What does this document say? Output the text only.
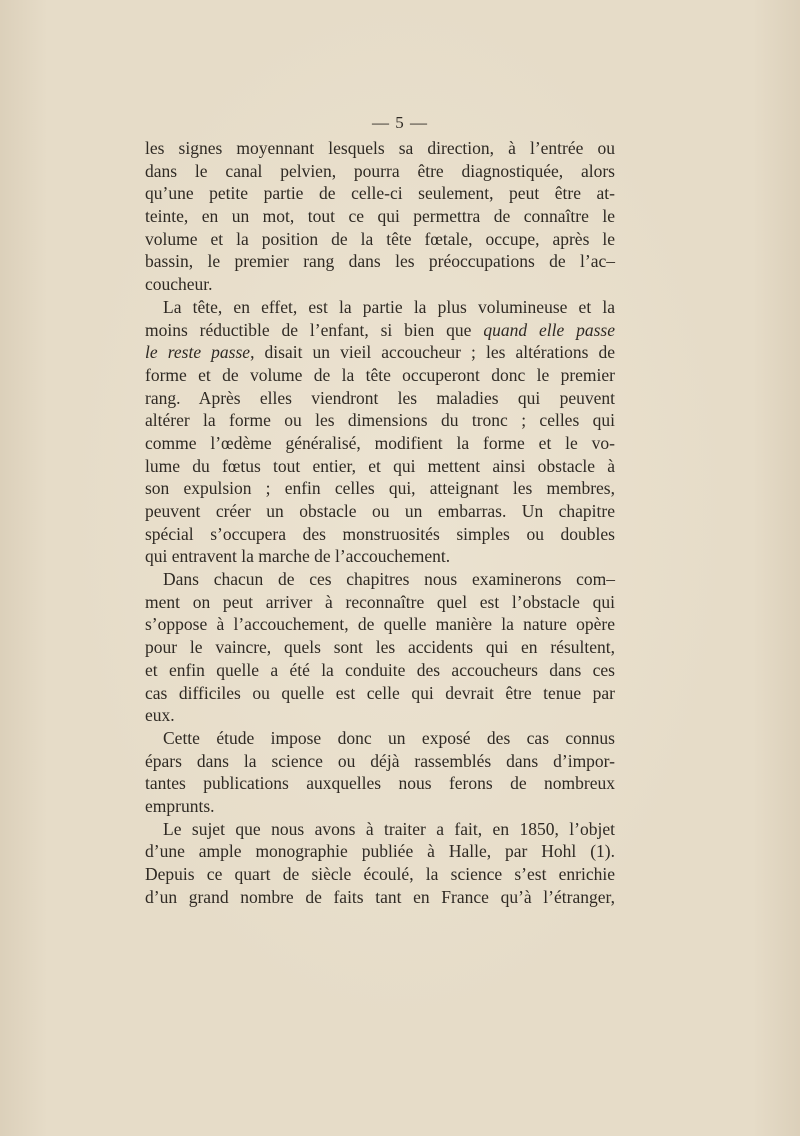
— 5 —
les signes moyennant lesquels sa direction, à l’entrée ou
dans le canal pelvien, pourra être diagnostiquée, alors
qu’une petite partie de celle-ci seulement, peut être at-
teinte, en un mot, tout ce qui permettra de connaître le
volume et la position de la tête fœtale, occupe, après le
bassin, le premier rang dans les préoccupations de l’ac–
coucheur.
La tête, en effet, est la partie la plus volumineuse et la
moins réductible de l’enfant, si bien que quand elle passe
le reste passe, disait un vieil accoucheur ; les altérations de
forme et de volume de la tête occuperont donc le premier
rang. Après elles viendront les maladies qui peuvent
altérer la forme ou les dimensions du tronc ; celles qui
comme l’œdème généralisé, modifient la forme et le vo-
lume du fœtus tout entier, et qui mettent ainsi obstacle à
son expulsion ; enfin celles qui, atteignant les membres,
peuvent créer un obstacle ou un embarras. Un chapitre
spécial s’occupera des monstruosités simples ou doubles
qui entravent la marche de l’accouchement.
Dans chacun de ces chapitres nous examinerons com–
ment on peut arriver à reconnaître quel est l’obstacle qui
s’oppose à l’accouchement, de quelle manière la nature opère
pour le vaincre, quels sont les accidents qui en résultent,
et enfin quelle a été la conduite des accoucheurs dans ces
cas difficiles ou quelle est celle qui devrait être tenue par
eux.
Cette étude impose donc un exposé des cas connus
épars dans la science ou déjà rassemblés dans d’impor-
tantes publications auxquelles nous ferons de nombreux
emprunts.
Le sujet que nous avons à traiter a fait, en 1850, l’objet
d’une ample monographie publiée à Halle, par Hohl (1).
Depuis ce quart de siècle écoulé, la science s’est enrichie
d’un grand nombre de faits tant en France qu’à l’étranger,
